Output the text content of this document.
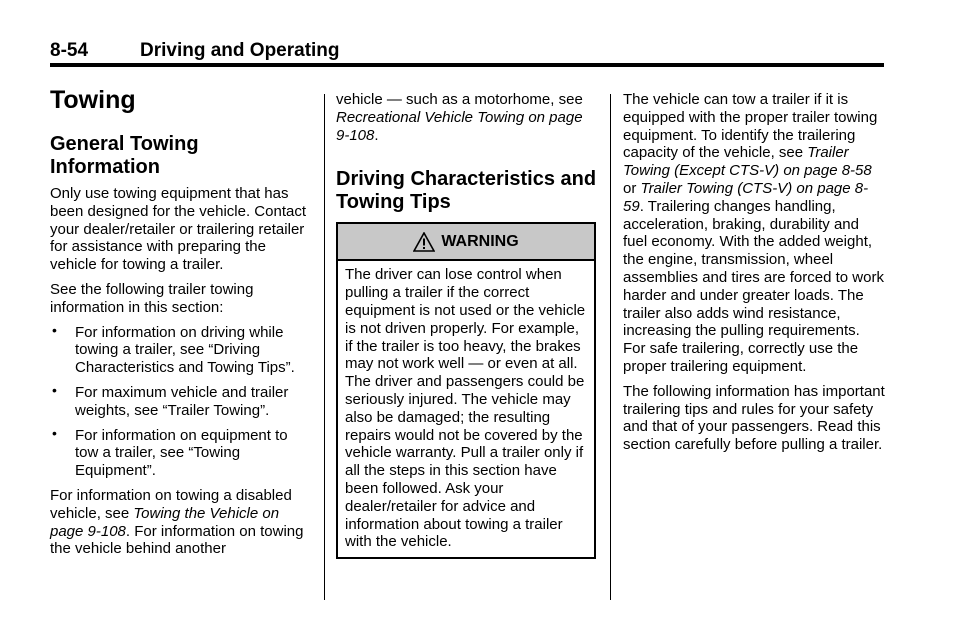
8-54	Driving and Operating
Towing
General Towing Information

Only use towing equipment that has been designed for the vehicle. Contact your dealer/retailer or trailering retailer for assistance with preparing the vehicle for towing a trailer.

See the following trailer towing information in this section:

• For information on driving while towing a trailer, see “Driving Characteristics and Towing Tips”.
• For maximum vehicle and trailer weights, see “Trailer Towing”.
• For information on equipment to tow a trailer, see “Towing Equipment”.

For information on towing a disabled vehicle, see Towing the Vehicle on page 9-108. For information on towing the vehicle behind another

vehicle — such as a motorhome, see Recreational Vehicle Towing on page 9-108.

Driving Characteristics and Towing Tips
WARNING
The driver can lose control when pulling a trailer if the correct equipment is not used or the vehicle is not driven properly. For example, if the trailer is too heavy, the brakes may not work well — or even at all. The driver and passengers could be seriously injured. The vehicle may also be damaged; the resulting repairs would not be covered by the vehicle warranty. Pull a trailer only if all the steps in this section have been followed. Ask your dealer/retailer for advice and information about towing a trailer with the vehicle.

The vehicle can tow a trailer if it is equipped with the proper trailer towing equipment. To identify the trailering capacity of the vehicle, see Trailer Towing (Except CTS-V) on page 8-58 or Trailer Towing (CTS-V) on page 8-59. Trailering changes handling, acceleration, braking, durability and fuel economy. With the added weight, the engine, transmission, wheel assemblies and tires are forced to work harder and under greater loads. The trailer also adds wind resistance, increasing the pulling requirements. For safe trailering, correctly use the proper trailering equipment.

The following information has important trailering tips and rules for your safety and that of your passengers. Read this section carefully before pulling a trailer.
